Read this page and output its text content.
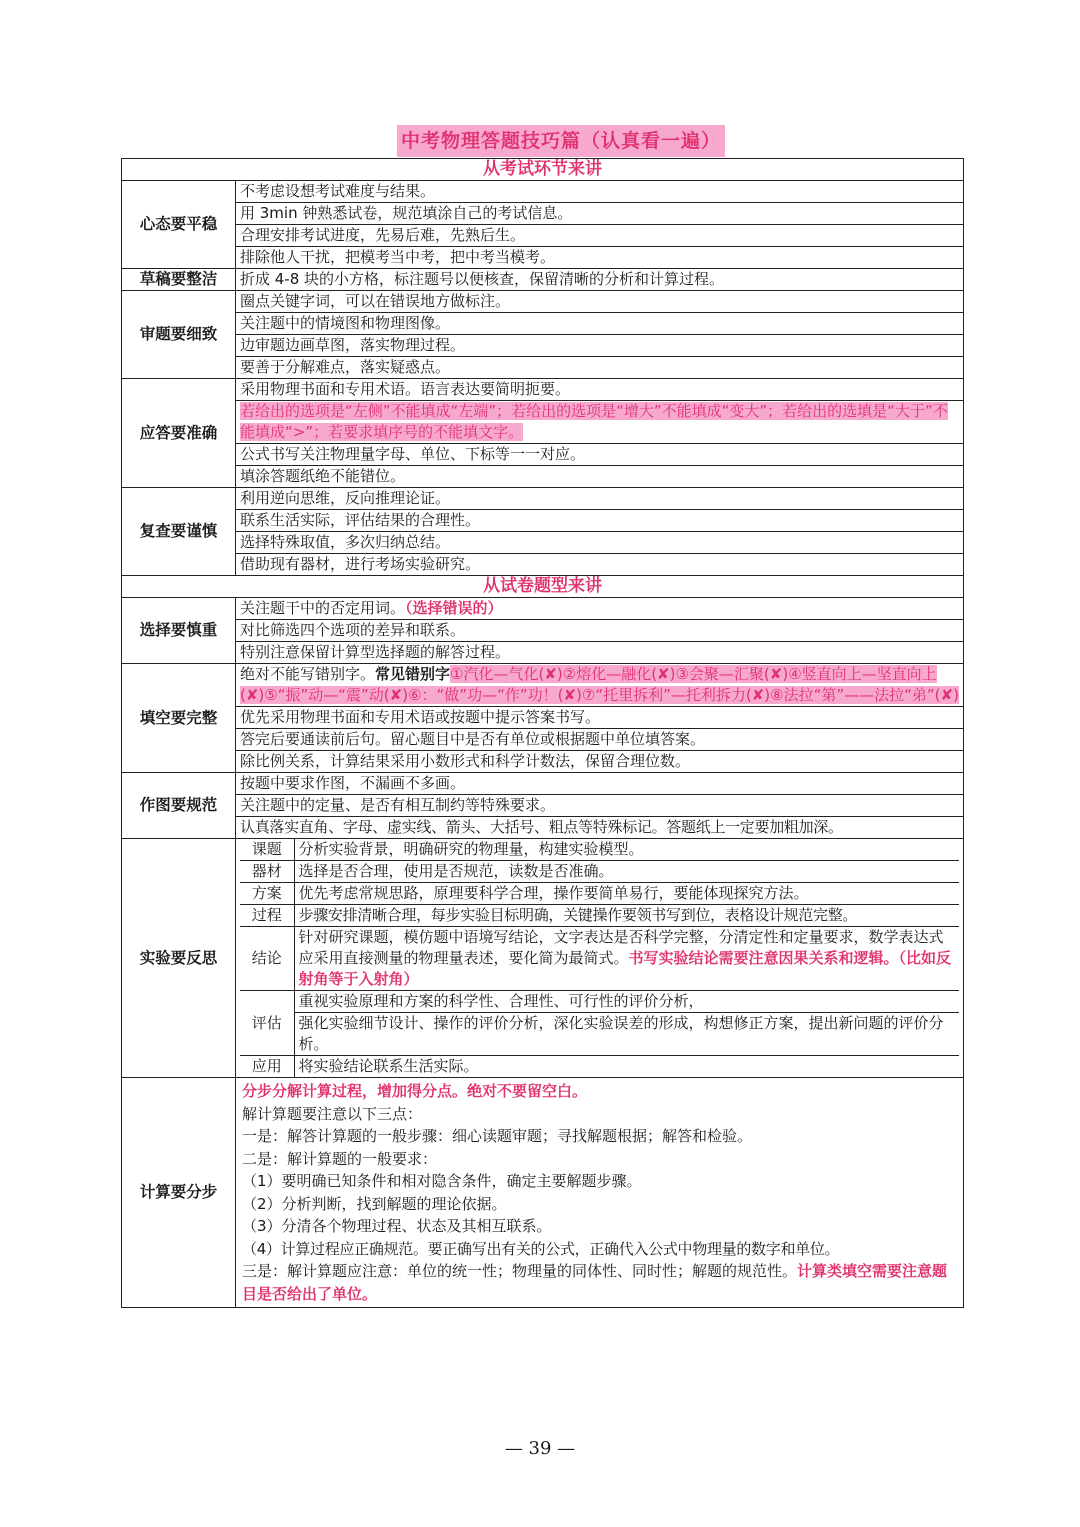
中考物理答题技巧篇（认真看一遍）
从考试环节来讲
心态要平稳	不考虑设想考试难度与结果。
用 3min 钟熟悉试卷，规范填涂自己的考试信息。
合理安排考试进度，先易后难，先熟后生。
排除他人干扰，把模考当中考，把中考当模考。
草稿要整洁	折成 4-8 块的小方格，标注题号以便核查，保留清晰的分析和计算过程。
审题要细致	圈点关键字词，可以在错误地方做标注。
关注题中的情境图和物理图像。
边审题边画草图，落实物理过程。
要善于分解难点，落实疑惑点。
应答要准确	采用物理书面和专用术语。语言表达要简明扼要。
若给出的选项是“左侧”不能填成“左端”；若给出的选项是“增大”不能填成“变大”；若给出的选填是“大于”不能填成“>”；若要求填序号的不能填文字。
公式书写关注物理量字母、单位、下标等一一对应。
填涂答题纸绝不能错位。
复查要谨慎	利用逆向思维，反向推理论证。
联系生活实际，评估结果的合理性。
选择特殊取值，多次归纳总结。
借助现有器材，进行考场实验研究。
从试卷题型来讲
选择要慎重	关注题干中的否定用词。（选择错误的）
对比筛选四个选项的差异和联系。
特别注意保留计算型选择题的解答过程。
填空要完整	绝对不能写错别字。常见错别字①汽化—气化(✘)②熔化—融化(✘)③会聚—汇聚(✘)④竖直向上—坚直向上(✘)⑤“振”动—“震”动(✘)⑥：“做”功—“作”功！(✘)⑦“托里拆利”—托利拆力(✘)⑧法拉“第”——法拉“弟”(✘)
优先采用物理书面和专用术语或按题中提示答案书写。
答完后要通读前后句。留心题目中是否有单位或根据题中单位填答案。
除比例关系，计算结果采用小数形式和科学计数法，保留合理位数。
作图要规范	按题中要求作图，不漏画不多画。
关注题中的定量、是否有相互制约等特殊要求。
认真落实直角、字母、虚实线、箭头、大括号、粗点等特殊标记。答题纸上一定要加粗加深。
实验要反思	
课题	分析实验背景，明确研究的物理量，构建实验模型。
器材	选择是否合理，使用是否规范，读数是否准确。
方案	优先考虑常规思路，原理要科学合理，操作要简单易行，要能体现探究方法。
过程	步骤安排清晰合理，每步实验目标明确，关键操作要领书写到位，表格设计规范完整。
结论	针对研究课题，模仿题中语境写结论，文字表达是否科学完整，分清定性和定量要求，数学表达式应采用直接测量的物理量表述，要化简为最简式。书写实验结论需要注意因果关系和逻辑。（比如反射角等于入射角）
评估	重视实验原理和方案的科学性、合理性、可行性的评价分析，
强化实验细节设计、操作的评价分析，深化实验误差的形成，构想修正方案，提出新问题的评价分析。
应用	将实验结论联系生活实际。

计算要分步	
分步分解计算过程，增加得分点。绝对不要留空白。
解计算题要注意以下三点：
一是：解答计算题的一般步骤：细心读题审题；寻找解题根据；解答和检验。
二是：解计算题的一般要求：
（1）要明确已知条件和相对隐含条件，确定主要解题步骤。
（2）分析判断，找到解题的理论依据。
（3）分清各个物理过程、状态及其相互联系。
（4）计算过程应正确规范。要正确写出有关的公式，正确代入公式中物理量的数字和单位。
三是：解计算题应注意：单位的统一性；物理量的同体性、同时性；解题的规范性。计算类填空需要注意题目是否给出了单位。
— 39 —
